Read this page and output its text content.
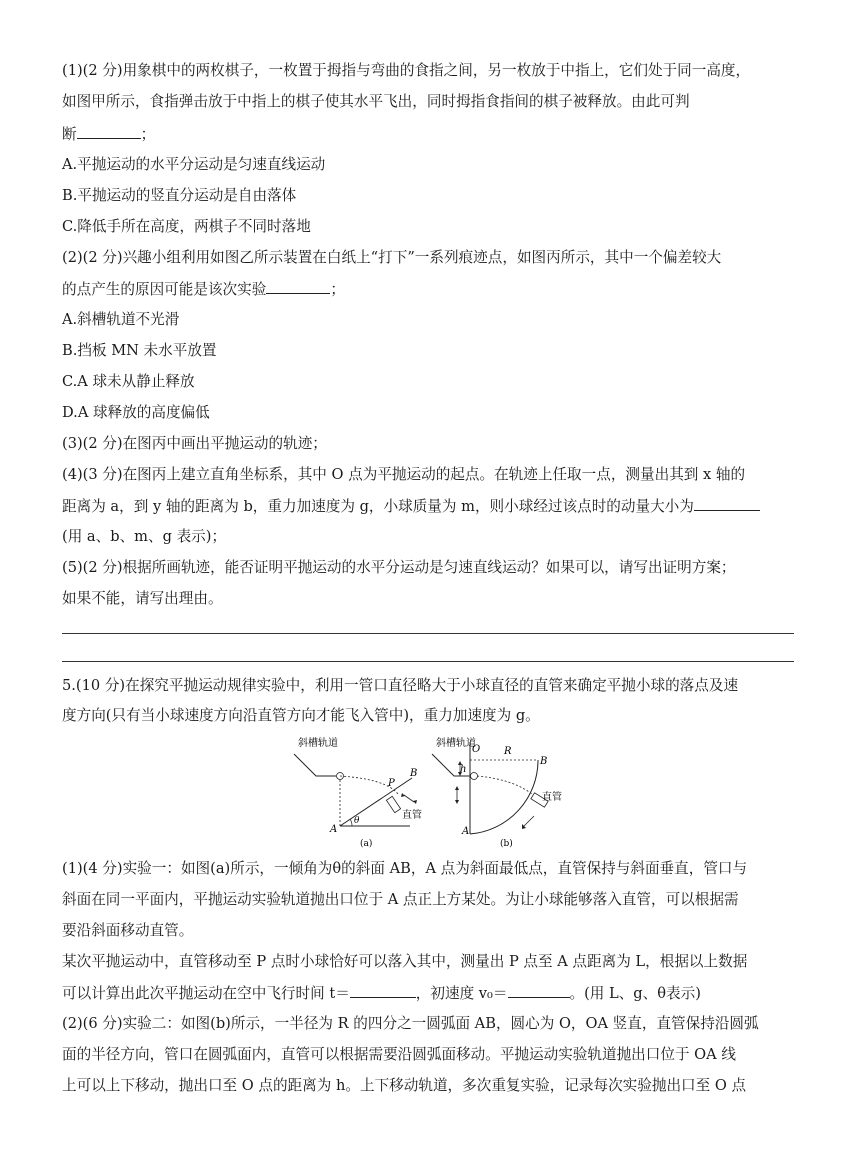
(1)(2 分)用象棋中的两枚棋子，一枚置于拇指与弯曲的食指之间，另一枚放于中指上，它们处于同一高度，
如图甲所示，食指弹击放于中指上的棋子使其水平飞出，同时拇指食指间的棋子被释放。由此可判
断	；
A.平抛运动的水平分运动是匀速直线运动
B.平抛运动的竖直分运动是自由落体
C.降低手所在高度，两棋子不同时落地
(2)(2 分)兴趣小组利用如图乙所示装置在白纸上“打下”一系列痕迹点，如图丙所示，其中一个偏差较大
的点产生的原因可能是该次实验	；
A.斜槽轨道不光滑
B.挡板 MN 未水平放置
C.A 球未从静止释放
D.A 球释放的高度偏低
(3)(2 分)在图丙中画出平抛运动的轨迹；
(4)(3 分)在图丙上建立直角坐标系，其中 O 点为平抛运动的起点。在轨迹上任取一点，测量出其到 x 轴的
距离为 a，到 y 轴的距离为 b，重力加速度为 g，小球质量为 m，则小球经过该点时的动量大小为
(用 a、b、m、g 表示)；
(5)(2 分)根据所画轨迹，能否证明平抛运动的水平分运动是匀速直线运动？如果可以，请写出证明方案；
如果不能，请写出理由。
5.(10 分)在探究平抛运动规律实验中，利用一管口直径略大于小球直径的直管来确定平抛小球的落点及速
度方向(只有当小球速度方向沿直管方向才能飞入管中)，重力加速度为 g。
斜槽轨道
θ
B
P
A
直管
(a)
斜槽轨道
O R
h
B
A
直管
(b)
(1)(4 分)实验一：如图(a)所示，一倾角为θ的斜面 AB，A 点为斜面最低点，直管保持与斜面垂直，管口与
斜面在同一平面内，平抛运动实验轨道抛出口位于 A 点正上方某处。为让小球能够落入直管，可以根据需
要沿斜面移动直管。
某次平抛运动中，直管移动至 P 点时小球恰好可以落入其中，测量出 P 点至 A 点距离为 L，根据以上数据
可以计算出此次平抛运动在空中飞行时间 t＝	，初速度 v₀＝	。(用 L、g、θ表示)
(2)(6 分)实验二：如图(b)所示，一半径为 R 的四分之一圆弧面 AB，圆心为 O，OA 竖直，直管保持沿圆弧
面的半径方向，管口在圆弧面内，直管可以根据需要沿圆弧面移动。平抛运动实验轨道抛出口位于 OA 线
上可以上下移动，抛出口至 O 点的距离为 h。上下移动轨道，多次重复实验，记录每次实验抛出口至 O 点
